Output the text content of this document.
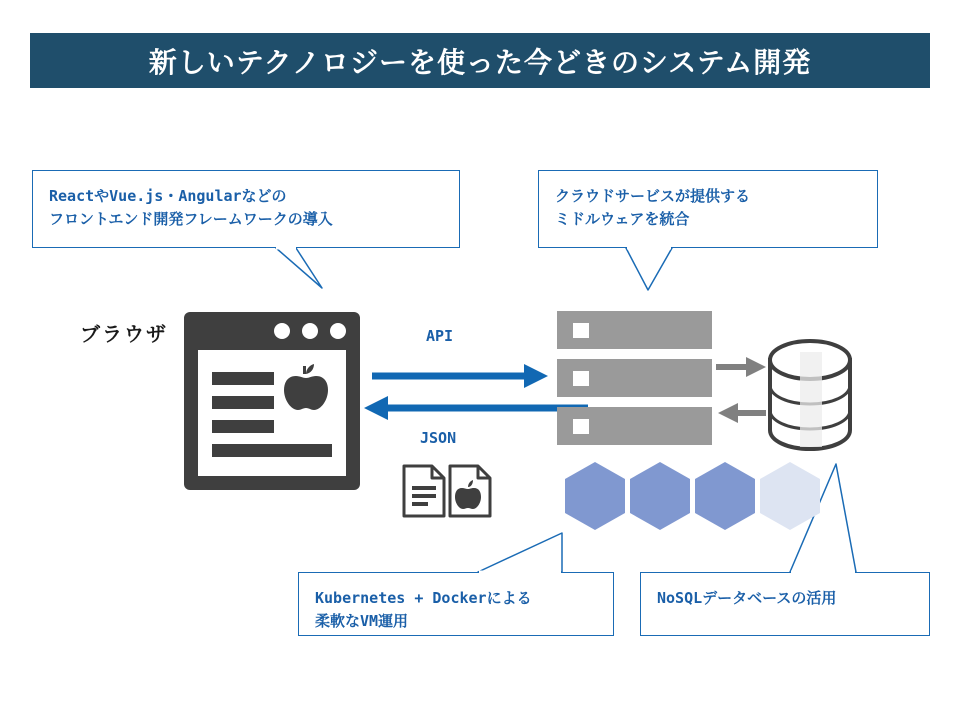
新しいテクノロジーを使った今どきのシステム開発
ReactやVue.js・Angularなどの
フロントエンド開発フレームワークの導入
クラウドサービスが提供する
ミドルウェアを統合
Kubernetes + Dockerによる
柔軟なVM運用
NoSQLデータベースの活用
ブラウザ	API
JSON
